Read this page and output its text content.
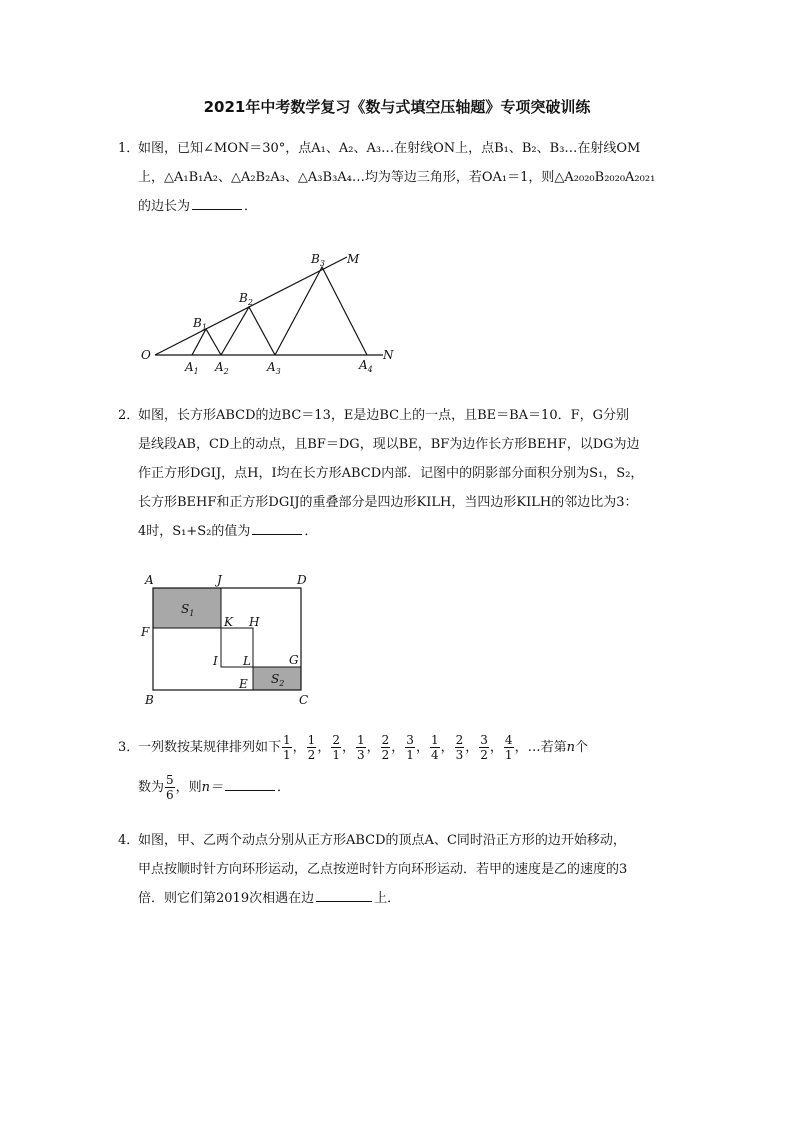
2021年中考数学复习《数与式填空压轴题》专项突破训练

1．如图，已知∠MON＝30°，点A₁、A₂、A₃…在射线ON上，点B₁、B₂、B₃…在射线OM

上，△A₁B₁A₂、△A₂B₂A₃、△A₃B₃A₄…均为等边三角形，若OA₁＝1，则△A₂₀₂₀B₂₀₂₀A₂₀₂₁

的边长为	．

O	N
M
$A_1$ $A_2$	$A_3$	$A_4$
$B_1$
$B_2$
$B_3$

2．如图，长方形ABCD的边BC＝13，E是边BC上的一点，且BE＝BA＝10．F，G分别

是线段AB，CD上的动点，且BF＝DG，现以BE，BF为边作长方形BEHF，以DG为边

作正方形DGIJ，点H，I均在长方形ABCD内部．记图中的阴影部分面积分别为S₁，S₂，

长方形BEHF和正方形DGIJ的重叠部分是四边形KILH，当四边形KILH的邻边比为3：

4时，S₁+S₂的值为	．

A	J	D
F
K H
I L	G
B
E
C
$S_1$
$S_2$

3．一列数按某规律排列如下 $\frac{1}{1}$ ， $\frac{1}{2}$ ， $\frac{2}{1}$ ， $\frac{1}{3}$ ， $\frac{2}{2}$ ， $\frac{3}{1}$ ， $\frac{1}{4}$ ， $\frac{2}{3}$ ， $\frac{3}{2}$ ， $\frac{4}{1}$ ，…若第n个

数为 $\frac{5}{6}$ ，则n＝	．

4．如图，甲、乙两个动点分别从正方形ABCD的顶点A、C同时沿正方形的边开始移动，

甲点按顺时针方向环形运动，乙点按逆时针方向环形运动．若甲的速度是乙的速度的3

倍．则它们第2019次相遇在边	上．
